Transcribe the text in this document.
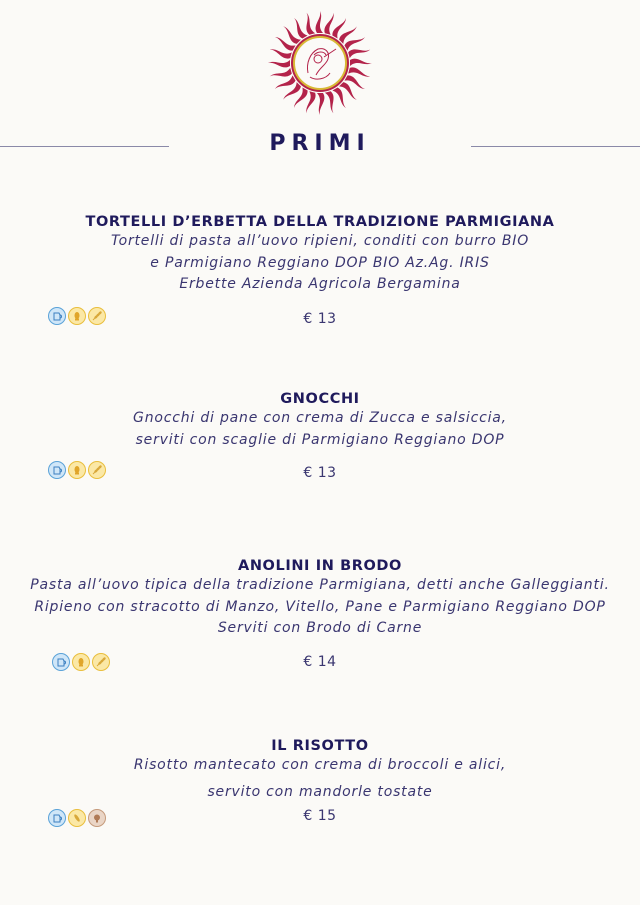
PRIMI
TORTELLI D’ERBETTA DELLA TRADIZIONE PARMIGIANA
Tortelli di pasta all’uovo ripieni, conditi con burro BIO
e Parmigiano Reggiano DOP BIO Az.Ag. IRIS
Erbette Azienda Agricola Bergamina
€ 13
GNOCCHI
Gnocchi di pane con crema di Zucca e salsiccia,
serviti con scaglie di Parmigiano Reggiano DOP
€ 13
ANOLINI IN BRODO
Pasta all’uovo tipica della tradizione Parmigiana, detti anche Galleggianti.
Ripieno con stracotto di Manzo, Vitello, Pane e Parmigiano Reggiano DOP
Serviti con Brodo di Carne
€ 14
IL RISOTTO
Risotto mantecato con crema di broccoli e alici,
servito con mandorle tostate
€ 15
